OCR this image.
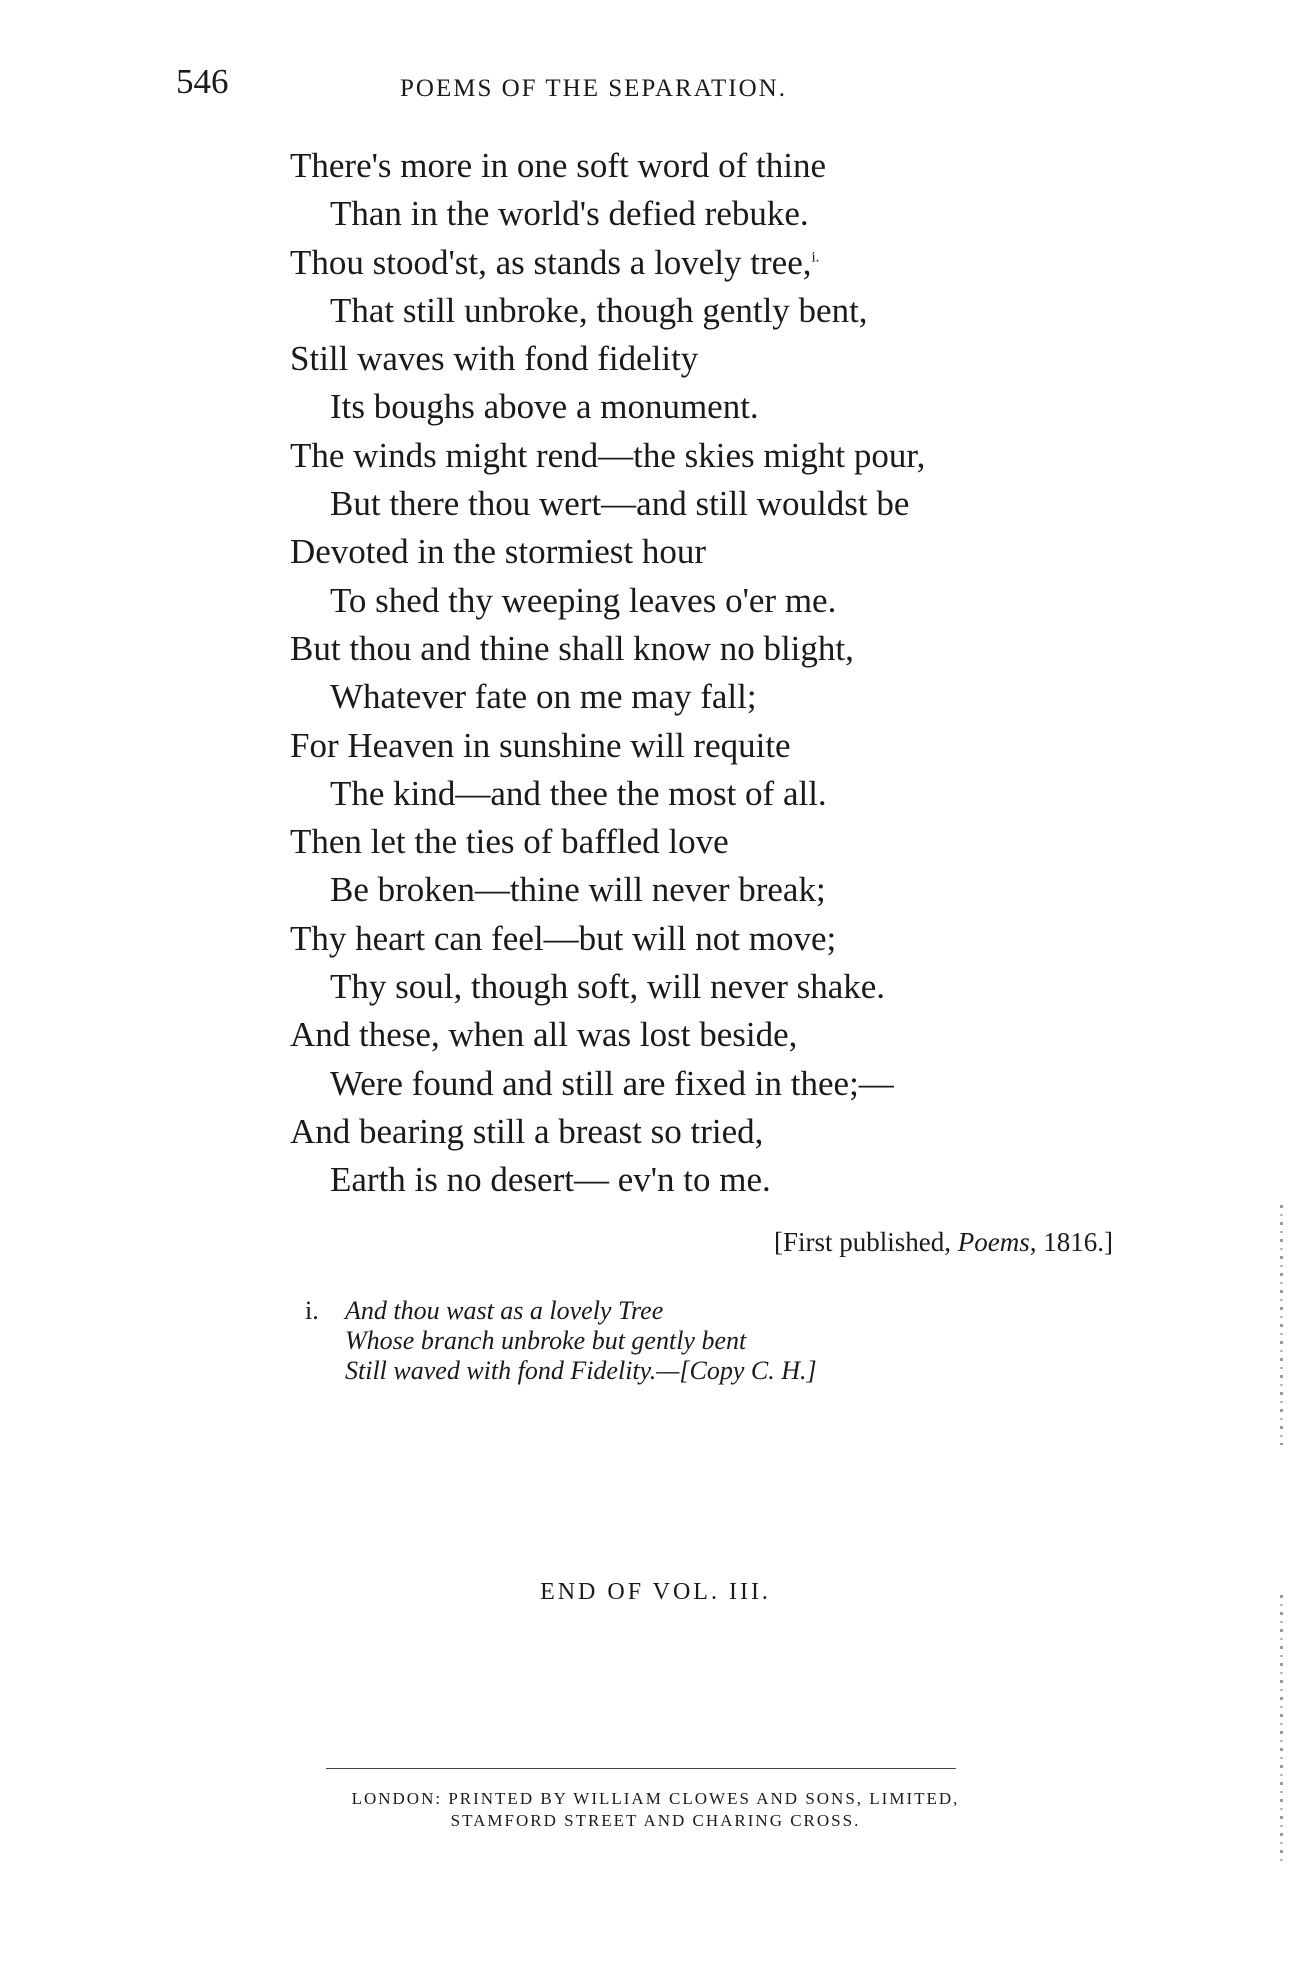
546	POEMS OF THE SEPARATION.
There's more in one soft word of thine
Than in the world's defied rebuke.
Thou stood'st, as stands a lovely tree,$^{i.}$
That still unbroke, though gently bent,
Still waves with fond fidelity
Its boughs above a monument.
The winds might rend—the skies might pour,
But there thou wert—and still wouldst be
Devoted in the stormiest hour
To shed thy weeping leaves o'er me.
But thou and thine shall know no blight,
Whatever fate on me may fall;
For Heaven in sunshine will requite
The kind—and thee the most of all.
Then let the ties of baffled love
Be broken—thine will never break;
Thy heart can feel—but will not move;
Thy soul, though soft, will never shake.
And these, when all was lost beside,
Were found and still are fixed in thee;—
And bearing still a breast so tried,
Earth is no desert— ev'n to me.
[First published, Poems, 1816.]
i. And thou wast as a lovely Tree
Whose branch unbroke but gently bent
Still waved with fond Fidelity.—[Copy C. H.]
END OF VOL. III.
LONDON: PRINTED BY WILLIAM CLOWES AND SONS, LIMITED,
STAMFORD STREET AND CHARING CROSS.
